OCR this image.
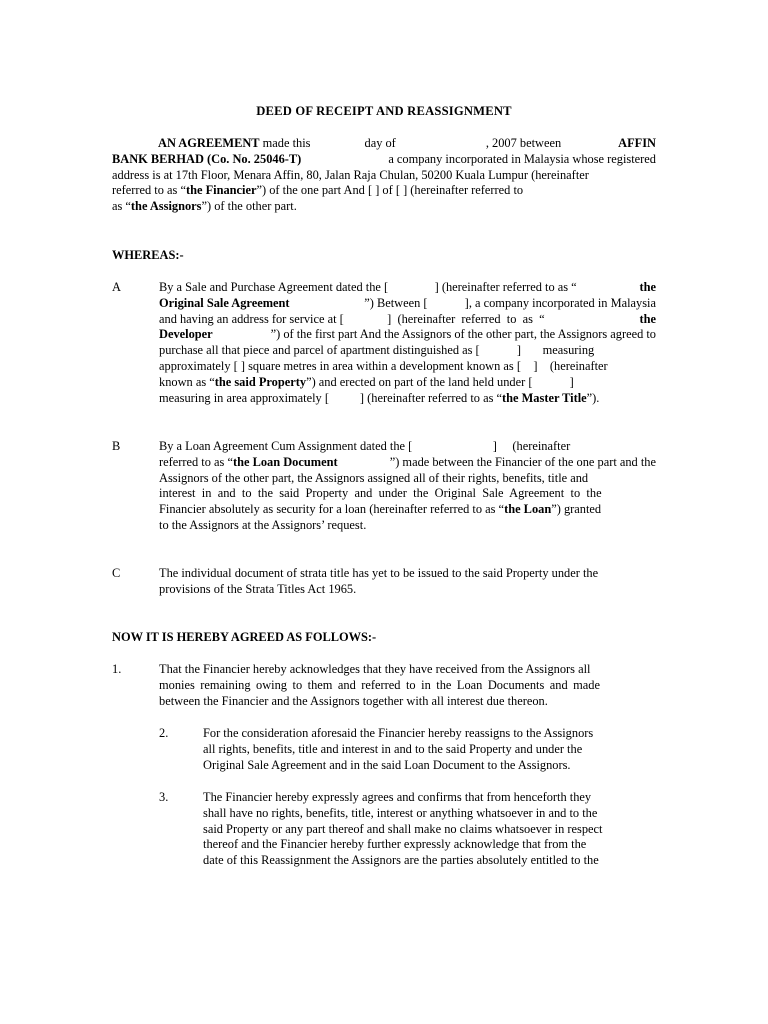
DEED OF RECEIPT AND REASSIGNMENT
AN AGREEMENT
made this	day of	, 2007 between	AFFIN
BANK BERHAD (Co. No. 25046-T)	a company incorporated in Malaysia whose registered
address is at 17th Floor, Menara Affin, 80, Jalan Raja Chulan, 50200 Kuala Lumpur (hereinafter
referred to as “the Financier”) of the one part And [ ] of [ ] (hereinafter referred to
as “the Assignors”) of the other part.
WHEREAS:-
A	By a Sale and Purchase Agreement dated the [               ] (hereinafter referred to as “	the
Original Sale Agreement	”) Between [            ], a company incorporated in Malaysia
and having an address for service at [              ]  (hereinafter  referred  to  as  “	the
Developer	”) of the first part And the Assignors of the other part, the Assignors agreed to
purchase all that piece and parcel of apartment distinguished as [            ]       measuring
approximately [ ] square metres in area within a development known as [    ]    (hereinafter
known as “the said Property”) and erected on part of the land held under [            ]
measuring in area approximately [          ] (hereinafter referred to as “the Master Title”).
B	By a Loan Agreement Cum Assignment dated the [                          ]     (hereinafter
referred to as “the Loan Document	”) made between the Financier of the one part and the
Assignors of the other part, the Assignors assigned all of their rights, benefits, title and
interest in and to the said Property and under the Original Sale Agreement to the
Financier absolutely as security for a loan (hereinafter referred to as “the Loan”) granted
to the Assignors at the Assignors’ request.
C	The individual document of strata title has yet to be issued to the said Property under the
provisions of the Strata Titles Act 1965.
NOW IT IS HEREBY AGREED AS FOLLOWS:-
1.	That the Financier hereby acknowledges that they have received from the Assignors all
monies remaining owing to them and referred to in the Loan Documents and made
between the Financier and the Assignors together with all interest due thereon.
2.	For the consideration aforesaid the Financier hereby reassigns to the Assignors
all rights, benefits, title and interest in and to the said Property and under the
Original Sale Agreement and in the said Loan Document to the Assignors.
3.	The Financier hereby expressly agrees and confirms that from henceforth they
shall have no rights, benefits, title, interest or anything whatsoever in and to the
said Property or any part thereof and shall make no claims whatsoever in respect
thereof and the Financier hereby further expressly acknowledge that from the
date of this Reassignment the Assignors are the parties absolutely entitled to the
